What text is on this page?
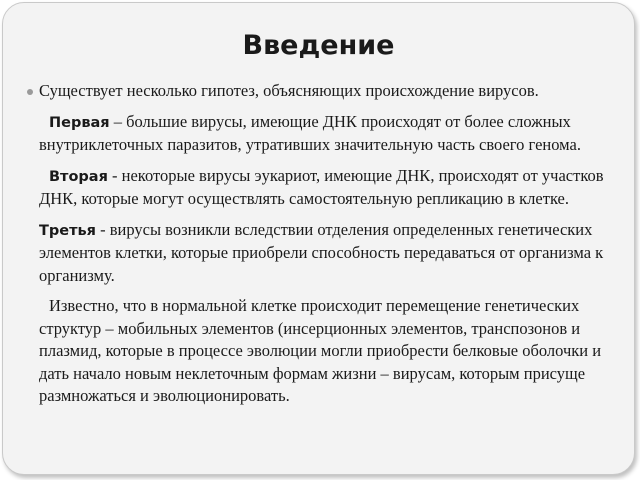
Введение
Существует несколько гипотез, объясняющих происхождение вирусов.

Первая – большие вирусы, имеющие ДНК происходят от более сложных внутриклеточных паразитов, утративших значительную часть своего генома.

Вторая - некоторые вирусы эукариот, имеющие ДНК, происходят от участков ДНК, которые могут осуществлять самостоятельную репликацию в клетке.

Третья - вирусы возникли вследствии отделения определенных генетических элементов клетки, которые приобрели способность передаваться от организма к организму.

Известно, что в нормальной клетке происходит перемещение генетических структур – мобильных элементов (инсерционных элементов, транспозонов и плазмид, которые в процессе эволюции могли приобрести белковые оболочки и дать начало новым неклеточным формам жизни – вирусам, которым присуще размножаться и эволюционировать.
